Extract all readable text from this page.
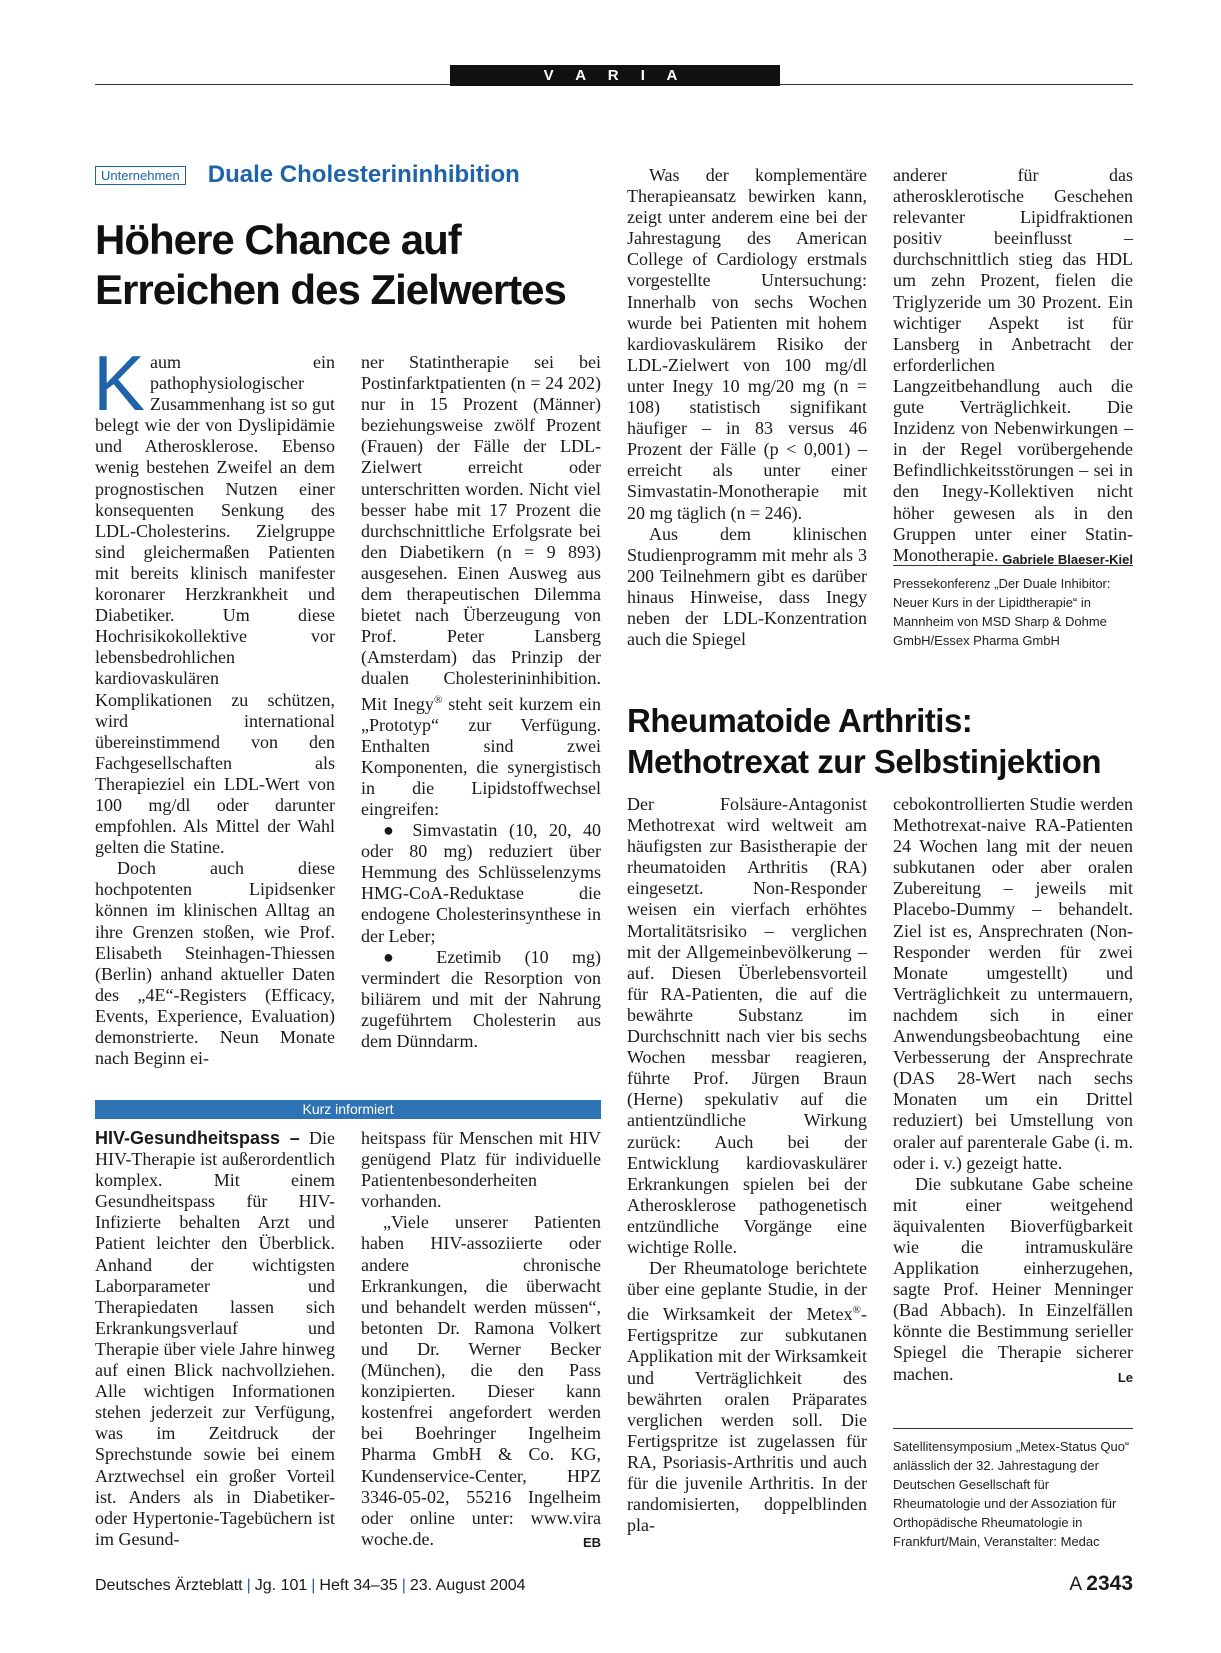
V A R I A
Unternehmen Duale Cholesterininhibition
Höhere Chance auf
Erreichen des Zielwertes

Kaum ein pathophysiologischer Zusammenhang ist so gut belegt wie der von Dyslipidämie und Atherosklerose. Ebenso wenig bestehen Zweifel an dem prognostischen Nutzen einer konsequenten Senkung des LDL-Cholesterins. Zielgruppe sind gleichermaßen Patienten mit bereits klinisch manifester koronarer Herzkrankheit und Diabetiker. Um diese Hochrisikokollektive vor lebensbedrohlichen kardiovaskulären Komplikationen zu schützen, wird international übereinstimmend von den Fachgesellschaften als Therapieziel ein LDL-Wert von 100 mg/dl oder darunter empfohlen. Als Mittel der Wahl gelten die Statine.

Doch auch diese hochpotenten Lipidsenker können im klinischen Alltag an ihre Grenzen stoßen, wie Prof. Elisabeth Steinhagen-Thiessen (Berlin) anhand aktueller Daten des „4E“-Registers (Efficacy, Events, Experience, Evaluation) demonstrierte. Neun Monate nach Beginn ei-

ner Statintherapie sei bei Postinfarktpatienten (n = 24 202) nur in 15 Prozent (Männer) beziehungsweise zwölf Prozent (Frauen) der Fälle der LDL-Zielwert erreicht oder unterschritten worden. Nicht viel besser habe mit 17 Prozent die durchschnittliche Erfolgsrate bei den Diabetikern (n = 9 893) ausgesehen. Einen Ausweg aus dem therapeutischen Dilemma bietet nach Überzeugung von Prof. Peter Lansberg (Amsterdam) das Prinzip der dualen Cholesterininhibition. Mit Inegy® steht seit kurzem ein „Prototyp“ zur Verfügung. Enthalten sind zwei Komponenten, die synergistisch in die Lipidstoffwechsel eingreifen:

● Simvastatin (10, 20, 40 oder 80 mg) reduziert über Hemmung des Schlüsselenzyms HMG-CoA-Reduktase die endogene Cholesterinsynthese in der Leber;

● Ezetimib (10 mg) vermindert die Resorption von biliärem und mit der Nahrung zugeführtem Cholesterin aus dem Dünndarm.

Was der komplementäre Therapieansatz bewirken kann, zeigt unter anderem eine bei der Jahrestagung des American College of Cardiology erstmals vorgestellte Untersuchung: Innerhalb von sechs Wochen wurde bei Patienten mit hohem kardiovaskulärem Risiko der LDL-Zielwert von 100 mg/dl unter Inegy 10 mg/20 mg (n = 108) statistisch signifikant häufiger – in 83 versus 46 Prozent der Fälle (p < 0,001) – erreicht als unter einer Simvastatin-Monotherapie mit 20 mg täglich (n = 246).

Aus dem klinischen Studienprogramm mit mehr als 3 200 Teilnehmern gibt es darüber hinaus Hinweise, dass Inegy neben der LDL-Konzentration auch die Spiegel

anderer für das atherosklerotische Geschehen relevanter Lipidfraktionen positiv beeinflusst – durchschnittlich stieg das HDL um zehn Prozent, fielen die Triglyzeride um 30 Prozent. Ein wichtiger Aspekt ist für Lansberg in Anbetracht der erforderlichen Langzeitbehandlung auch die gute Verträglichkeit. Die Inzidenz von Nebenwirkungen – in der Regel vorübergehende Befindlichkeitsstörungen – sei in den Inegy-Kollektiven nicht höher gewesen als in den Gruppen unter einer Statin-Monotherapie. Gabriele Blaeser-Kiel

Pressekonferenz „Der Duale Inhibitor: Neuer Kurs in der Lipidtherapie“ in Mannheim von MSD Sharp & Dohme GmbH/Essex Pharma GmbH
Kurz informiert

HIV-Gesundheitspass – Die HIV-Therapie ist außerordentlich komplex. Mit einem Gesundheitspass für HIV-Infizierte behalten Arzt und Patient leichter den Überblick. Anhand der wichtigsten Laborparameter und Therapiedaten lassen sich Erkrankungsverlauf und Therapie über viele Jahre hinweg auf einen Blick nachvollziehen. Alle wichtigen Informationen stehen jederzeit zur Verfügung, was im Zeitdruck der Sprechstunde sowie bei einem Arztwechsel ein großer Vorteil ist. Anders als in Diabetiker- oder Hypertonie-Tagebüchern ist im Gesund-

heitspass für Menschen mit HIV genügend Platz für individuelle Patientenbesonderheiten vorhanden.

„Viele unserer Patienten haben HIV-assoziierte oder andere chronische Erkrankungen, die überwacht und behandelt werden müssen“, betonten Dr. Ramona Volkert und Dr. Werner Becker (München), die den Pass konzipierten. Dieser kann kostenfrei angefordert werden bei Boehringer Ingelheim Pharma GmbH & Co. KG, Kundenservice-Center, HPZ 3346-05-02, 55216 Ingelheim oder online unter: www.vira woche.de.	EB

Rheumatoide Arthritis:
Methotrexat zur Selbstinjektion

Der Folsäure-Antagonist Methotrexat wird weltweit am häufigsten zur Basistherapie der rheumatoiden Arthritis (RA) eingesetzt. Non-Responder weisen ein vierfach erhöhtes Mortalitätsrisiko – verglichen mit der Allgemeinbevölkerung – auf. Diesen Überlebensvorteil für RA-Patienten, die auf die bewährte Substanz im Durchschnitt nach vier bis sechs Wochen messbar reagieren, führte Prof. Jürgen Braun (Herne) spekulativ auf die antientzündliche Wirkung zurück: Auch bei der Entwicklung kardiovaskulärer Erkrankungen spielen bei der Atherosklerose pathogenetisch entzündliche Vorgänge eine wichtige Rolle.

Der Rheumatologe berichtete über eine geplante Studie, in der die Wirksamkeit der Metex®-Fertigspritze zur subkutanen Applikation mit der Wirksamkeit und Verträglichkeit des bewährten oralen Präparates verglichen werden soll. Die Fertigspritze ist zugelassen für RA, Psoriasis-Arthritis und auch für die juvenile Arthritis. In der randomisierten, doppelblinden pla-

cebokontrollierten Studie werden Methotrexat-naive RA-Patienten 24 Wochen lang mit der neuen subkutanen oder aber oralen Zubereitung – jeweils mit Placebo-Dummy – behandelt. Ziel ist es, Ansprechraten (Non-Responder werden für zwei Monate umgestellt) und Verträglichkeit zu untermauern, nachdem sich in einer Anwendungsbeobachtung eine Verbesserung der Ansprechrate (DAS 28-Wert nach sechs Monaten um ein Drittel reduziert) bei Umstellung von oraler auf parenterale Gabe (i. m. oder i. v.) gezeigt hatte.

Die subkutane Gabe scheine mit einer weitgehend äquivalenten Bioverfügbarkeit wie die intramuskuläre Applikation einherzugehen, sagte Prof. Heiner Menninger (Bad Abbach). In Einzelfällen könnte die Bestimmung serieller Spiegel die Therapie sicherer machen.	Le

Satellitensymposium „Metex-Status Quo“ anlässlich der 32. Jahrestagung der Deutschen Gesellschaft für Rheumatologie und der Assoziation für Orthopädische Rheumatologie in Frankfurt/Main, Veranstalter: Medac
Deutsches Ärzteblatt | Jg. 101 | Heft 34–35 | 23. August 2004	A 2343
